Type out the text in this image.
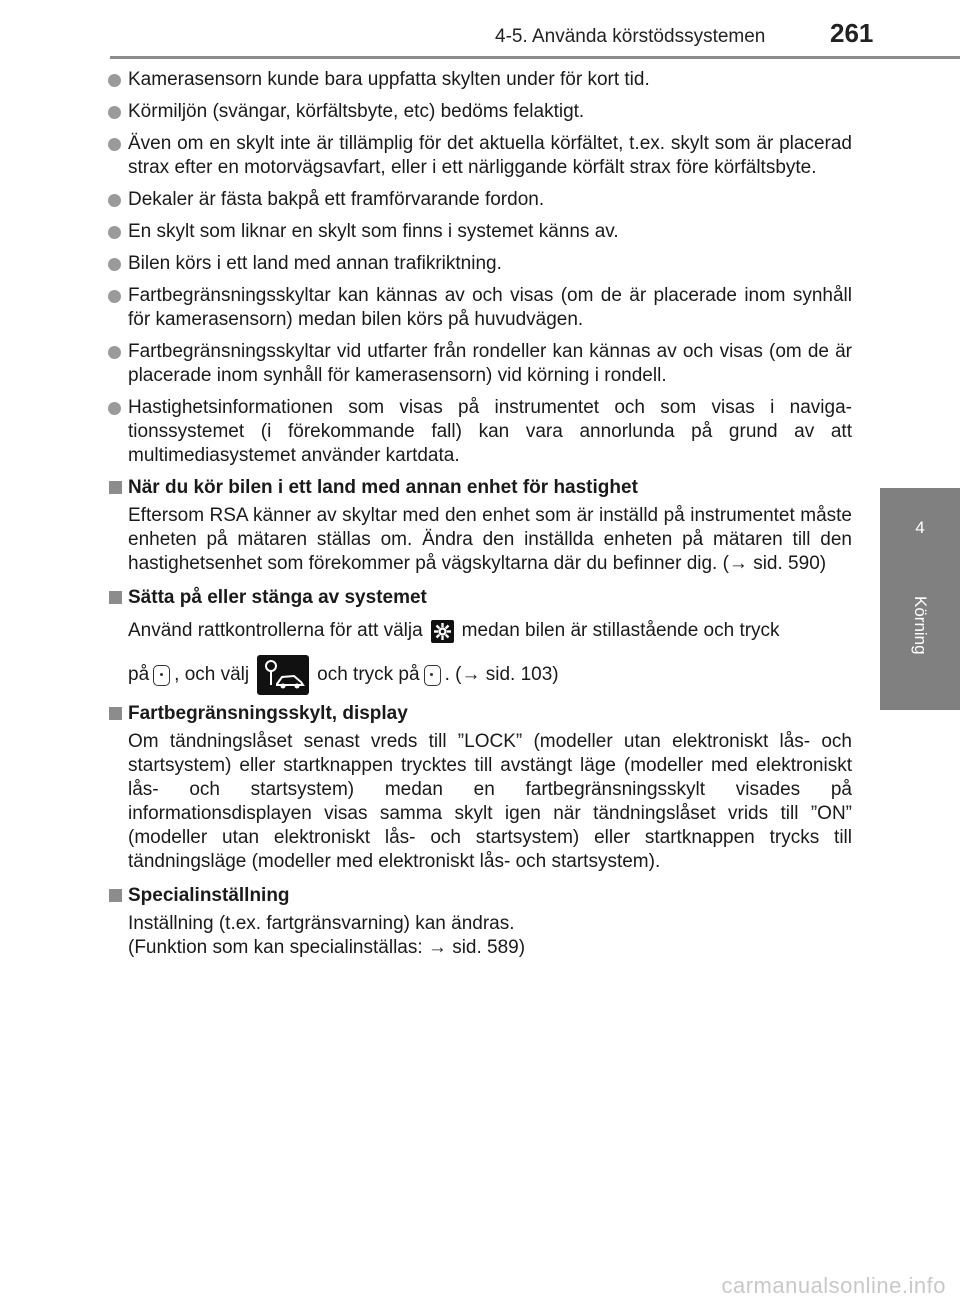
4-5. Använda körstödssystemen 261
4
Körning
Kamerasensorn kunde bara uppfatta skylten under för kort tid.
Körmiljön (svängar, körfältsbyte, etc) bedöms felaktigt.
Även om en skylt inte är tillämplig för det aktuella körfältet, t.ex. skylt som är placerad strax efter en motorvägsavfart, eller i ett närliggande körfält strax före körfältsbyte.
Dekaler är fästa bakpå ett framförvarande fordon.
En skylt som liknar en skylt som finns i systemet känns av.
Bilen körs i ett land med annan trafikriktning.
Fartbegränsningsskyltar kan kännas av och visas (om de är placerade inom synhåll för kamerasensorn) medan bilen körs på huvudvägen.
Fartbegränsningsskyltar vid utfarter från rondeller kan kännas av och visas (om de är placerade inom synhåll för kamerasensorn) vid körning i rondell.
Hastighetsinformationen som visas på instrumentet och som visas i navigationssystemet (i förekommande fall) kan vara annorlunda på grund av att multimediasystemet använder kartdata.
När du kör bilen i ett land med annan enhet för hastighet
Eftersom RSA känner av skyltar med den enhet som är inställd på instrumentet måste enheten på mätaren ställas om. Ändra den inställda enheten på mätaren till den hastighetsenhet som förekommer på vägskyltarna där du befinner dig. (→ sid. 590)
Sätta på eller stänga av systemet
Använd rattkontrollerna för att välja medan bilen är stillastående och tryck
på , och välj	och tryck på . (→ sid. 103)
Fartbegränsningsskylt, display
Om tändningslåset senast vreds till ”LOCK” (modeller utan elektroniskt lås- och startsystem) eller startknappen trycktes till avstängt läge (modeller med elektroniskt lås- och startsystem) medan en fartbegränsningsskylt visades på informationsdisplayen visas samma skylt igen när tändningslåset vrids till ”ON” (modeller utan elektroniskt lås- och startsystem) eller startknappen trycks till tändningsläge (modeller med elektroniskt lås- och startsystem).
Specialinställning
Inställning (t.ex. fartgränsvarning) kan ändras.
(Funktion som kan specialinställas: → sid. 589)
carmanualsonline.info
